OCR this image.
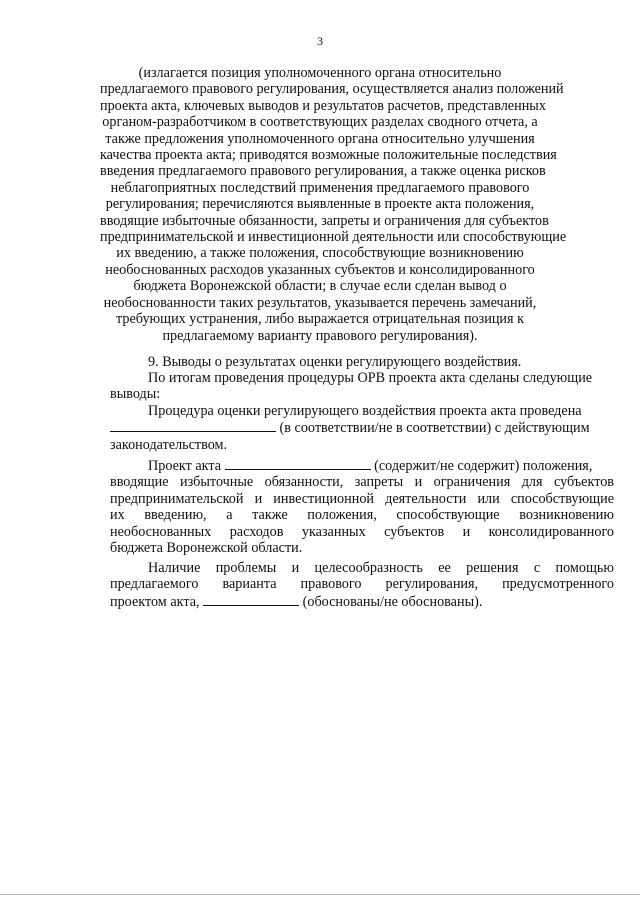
3
(излагается позиция уполномоченного органа относительно
предлагаемого правового регулирования, осуществляется анализ положений
проекта акта, ключевых выводов и результатов расчетов, представленных
органом-разработчиком в соответствующих разделах сводного отчета, а
также предложения уполномоченного органа относительно улучшения
качества проекта акта; приводятся возможные положительные последствия
введения предлагаемого правового регулирования, а также оценка рисков
неблагоприятных последствий применения предлагаемого правового
регулирования; перечисляются выявленные в проекте акта положения,
вводящие избыточные обязанности, запреты и ограничения для субъектов
предпринимательской и инвестиционной деятельности или способствующие
их введению, а также положения, способствующие возникновению
необоснованных расходов указанных субъектов и консолидированного
бюджета Воронежской области; в случае если сделан вывод о
необоснованности таких результатов, указывается перечень замечаний,
требующих устранения, либо выражается отрицательная позиция к
предлагаемому варианту правового регулирования).

9. Выводы о результатах оценки регулирующего воздействия.

По итогам проведения процедуры ОРВ проекта акта сделаны следующие
выводы:

Процедура оценки регулирующего воздействия проекта акта проведена
(в соответствии/не в соответствии) с действующим
законодательством.

Проект акта	(содержит/не содержит) положения,
вводящие избыточные обязанности, запреты и ограничения для субъектов
предпринимательской и инвестиционной деятельности или способствующие
их введению, а также положения, способствующие возникновению
необоснованных расходов указанных субъектов и консолидированного
бюджета Воронежской области.

Наличие проблемы и целесообразность ее решения с помощью
предлагаемого варианта правового регулирования, предусмотренного
проектом акта,	(обоснованы/не обоснованы).
